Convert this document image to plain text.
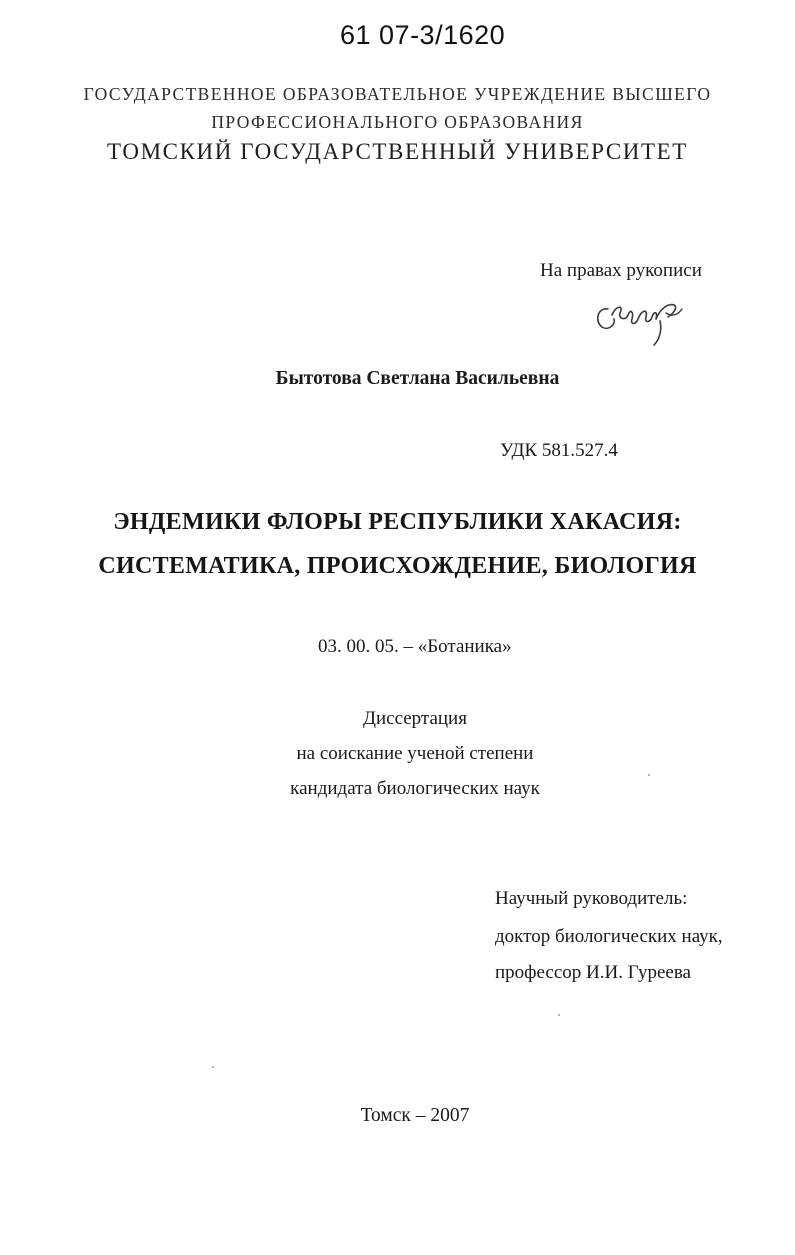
61 07-3/1620
ГОСУДАРСТВЕННОЕ ОБРАЗОВАТЕЛЬНОЕ УЧРЕЖДЕНИЕ ВЫСШЕГО
ПРОФЕССИОНАЛЬНОГО ОБРАЗОВАНИЯ
ТОМСКИЙ ГОСУДАРСТВЕННЫЙ УНИВЕРСИТЕТ
На правах рукописи
Бытотова Светлана Васильевна
УДК 581.527.4
ЭНДЕМИКИ ФЛОРЫ РЕСПУБЛИКИ ХАКАСИЯ:
СИСТЕМАТИКА, ПРОИСХОЖДЕНИЕ, БИОЛОГИЯ
03. 00. 05. – «Ботаника»
Диссертация
на соискание ученой степени
кандидата биологических наук
Научный руководитель:
доктор биологических наук,
профессор И.И. Гуреева
Томск – 2007
